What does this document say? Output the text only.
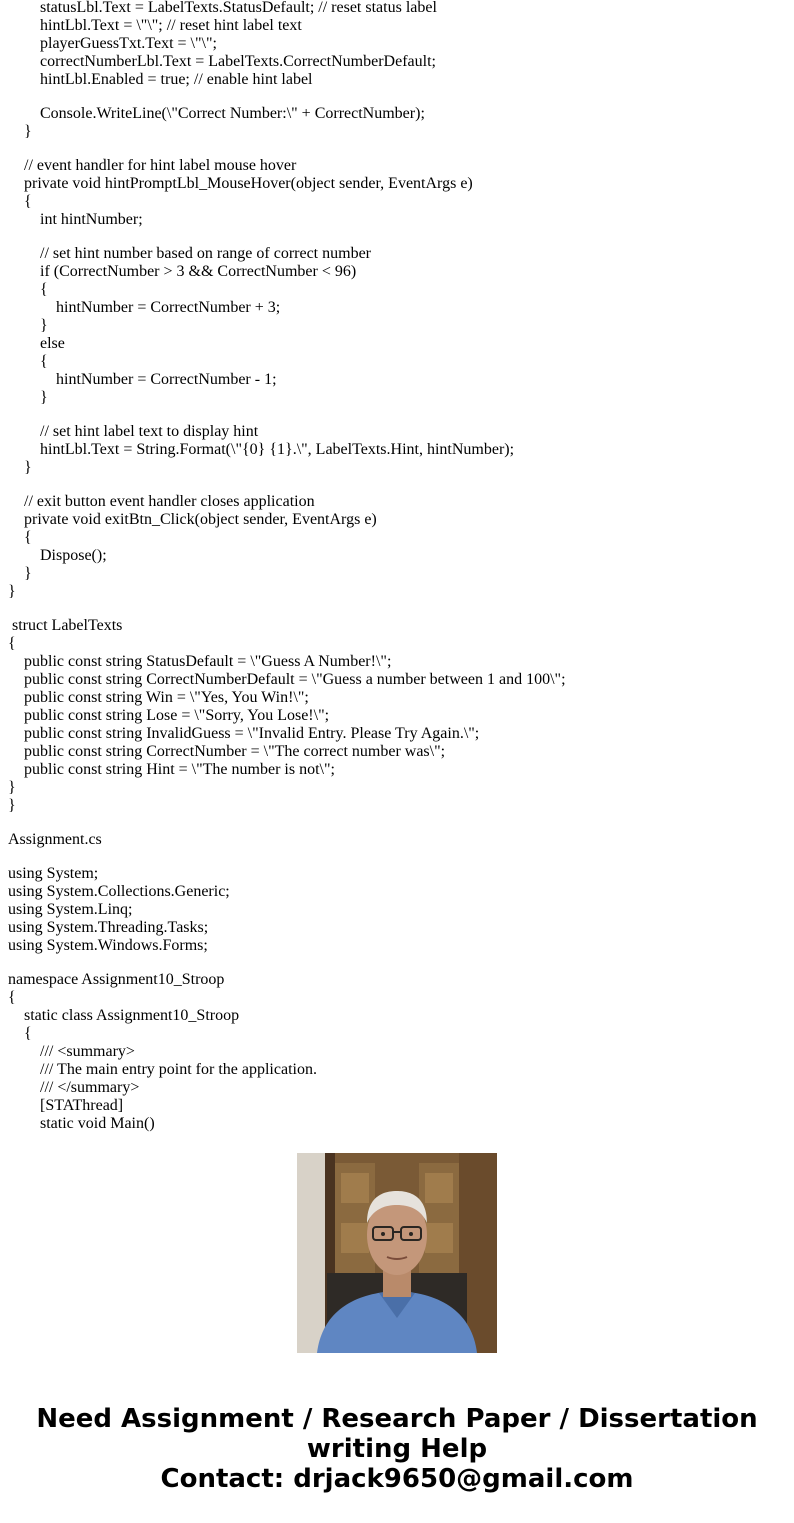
statusLbl.Text = LabelTexts.StatusDefault; // reset status label
hintLbl.Text = \"\"; // reset hint label text
playerGuessTxt.Text = \"\";
correctNumberLbl.Text = LabelTexts.CorrectNumberDefault;
hintLbl.Enabled = true; // enable hint label
Console.WriteLine(\"Correct Number:\" + CorrectNumber);
}
// event handler for hint label mouse hover
private void hintPromptLbl_MouseHover(object sender, EventArgs e)
{
int hintNumber;
// set hint number based on range of correct number
if (CorrectNumber > 3 && CorrectNumber < 96)
{
hintNumber = CorrectNumber + 3;
}
else
{
hintNumber = CorrectNumber - 1;
}
// set hint label text to display hint
hintLbl.Text = String.Format(\"{0} {1}.\", LabelTexts.Hint, hintNumber);
}
// exit button event handler closes application
private void exitBtn_Click(object sender, EventArgs e)
{
Dispose();
}
}
struct LabelTexts
{
public const string StatusDefault = \"Guess A Number!\";
public const string CorrectNumberDefault = \"Guess a number between 1 and 100\";
public const string Win = \"Yes, You Win!\";
public const string Lose = \"Sorry, You Lose!\";
public const string InvalidGuess = \"Invalid Entry. Please Try Again.\";
public const string CorrectNumber = \"The correct number was\";
public const string Hint = \"The number is not\";
}
}
Assignment.cs
using System;
using System.Collections.Generic;
using System.Linq;
using System.Threading.Tasks;
using System.Windows.Forms;
namespace Assignment10_Stroop
{
static class Assignment10_Stroop
{
/// <summary>
/// The main entry point for the application.
/// </summary>
[STAThread]
static void Main()
Need Assignment / Research Paper / Dissertation
writing Help
Contact: drjack9650@gmail.com
